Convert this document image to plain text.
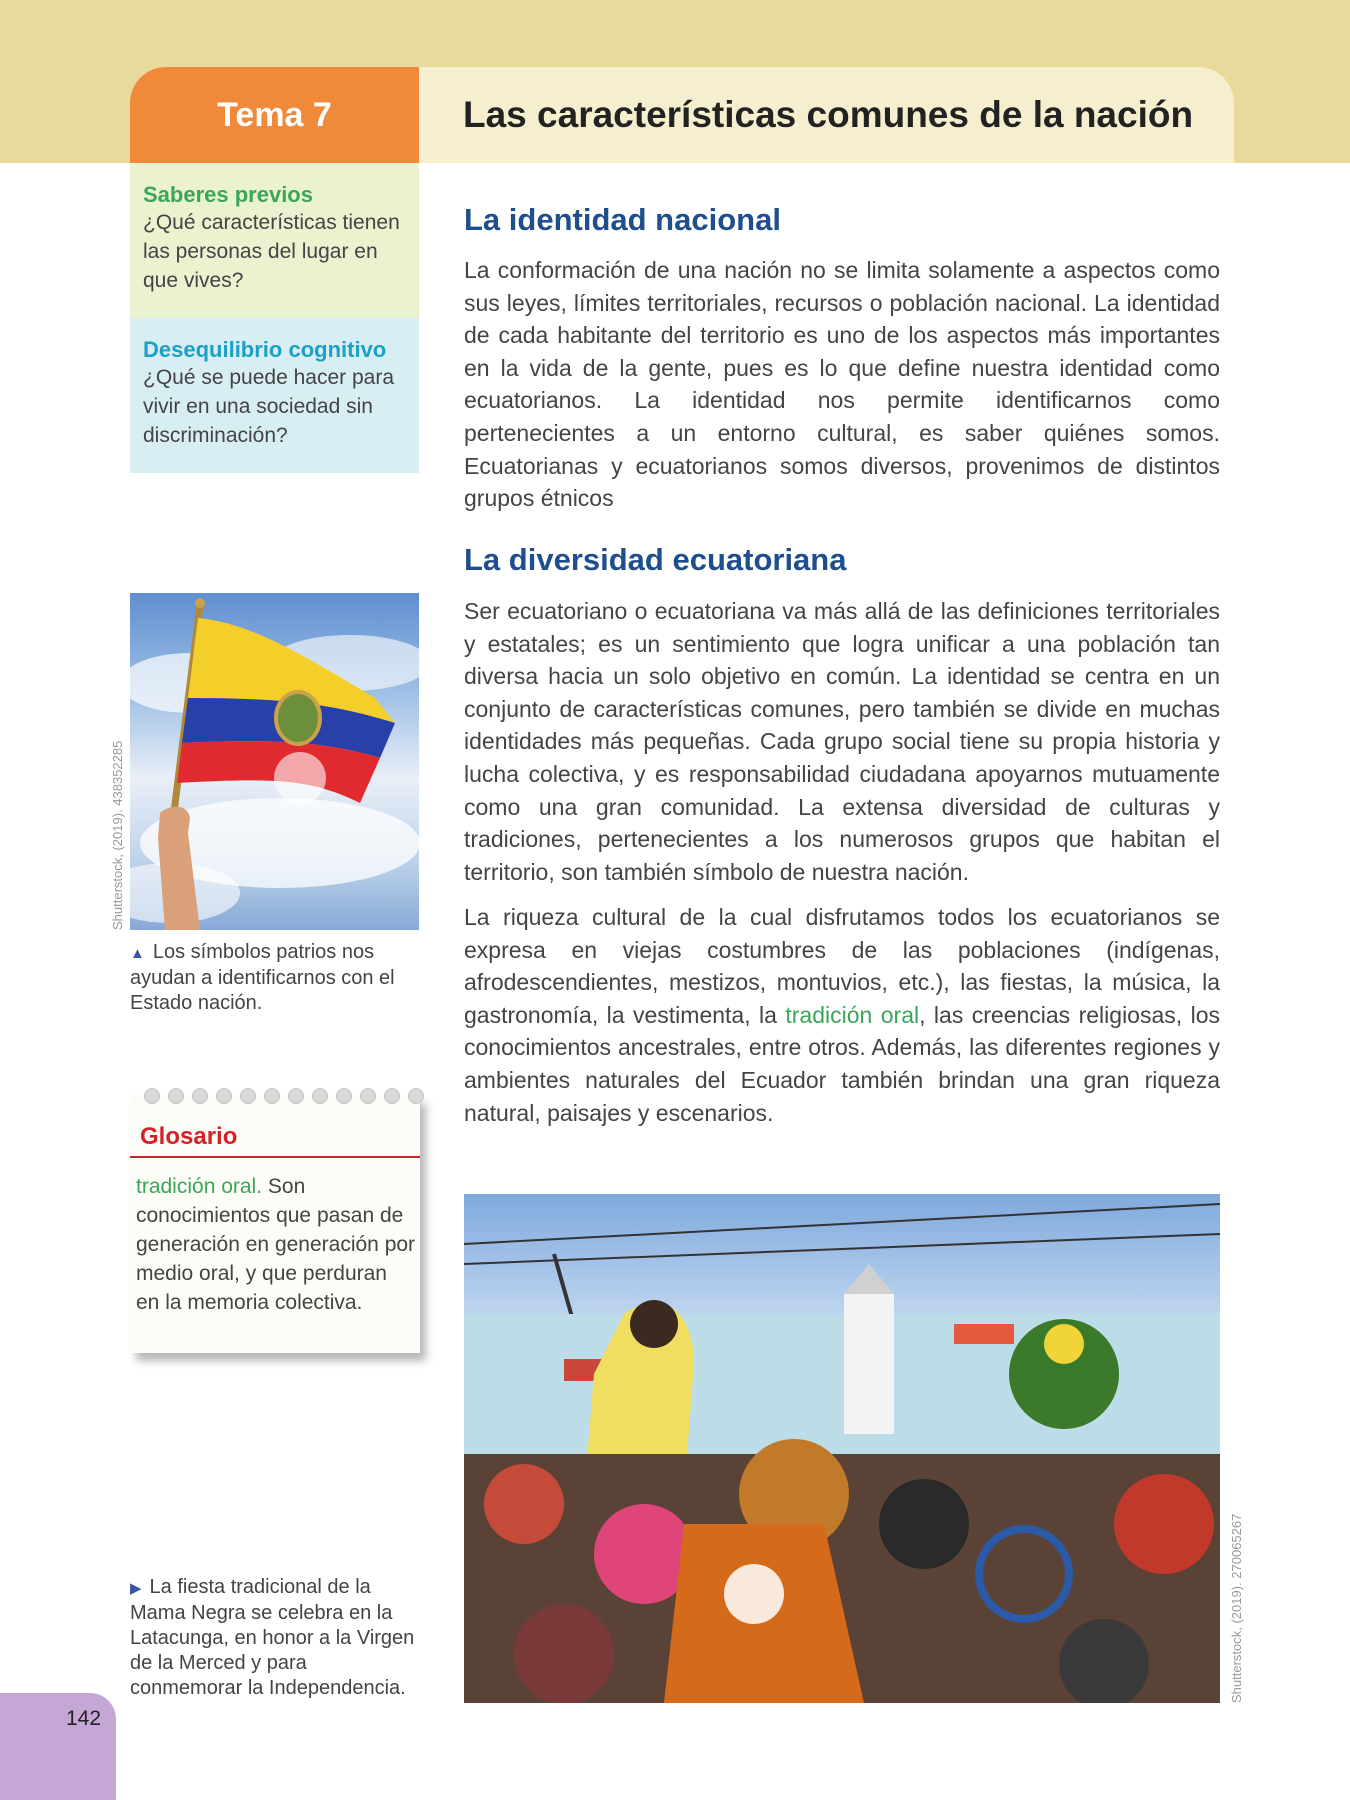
Tema 7	Las características comunes de la nación
Saberes previos
¿Qué características tienen las personas del lugar en que vives?
Desequilibrio cognitivo
¿Qué se puede hacer para vivir en una sociedad sin discriminación?
Shutterstock, (2019). 438352285
▲ Los símbolos patrios nos ayudan a identificarnos con el Estado nación.
Glosario
tradición oral. Son conocimientos que pasan de generación en generación por medio oral, y que perduran en la memoria colectiva.
▶ La fiesta tradicional de la Mama Negra se celebra en la Latacunga, en honor a la Virgen de la Merced y para conmemorar la Independencia.
La identidad nacional
La conformación de una nación no se limita solamente a aspectos como sus leyes, límites territoriales, recursos o población nacional. La identidad de cada habitante del territorio es uno de los aspectos más importantes en la vida de la gente, pues es lo que define nuestra identidad como ecuatorianos. La identidad nos permite identificarnos como pertenecientes a un entorno cultural, es saber quiénes somos. Ecuatorianas y ecuatorianos somos diversos, provenimos de distintos grupos étnicos
La diversidad ecuatoriana
Ser ecuatoriano o ecuatoriana va más allá de las definiciones territoriales y estatales; es un sentimiento que logra unificar a una población tan diversa hacia un solo objetivo en común. La identidad se centra en un conjunto de características comunes, pero también se divide en muchas identidades más pequeñas. Cada grupo social tiene su propia historia y lucha colectiva, y es responsabilidad ciudadana apoyarnos mutuamente como una gran comunidad. La extensa diversidad de culturas y tradiciones, pertenecientes a los numerosos grupos que habitan el territorio, son también símbolo de nuestra nación.
La riqueza cultural de la cual disfrutamos todos los ecuatorianos se expresa en viejas costumbres de las poblaciones (indígenas, afrodescendientes, mestizos, montuvios, etc.), las fiestas, la música, la gastronomía, la vestimenta, la tradición oral, las creencias religiosas, los conocimientos ancestrales, entre otros. Además, las diferentes regiones y ambientes naturales del Ecuador también brindan una gran riqueza natural, paisajes y escenarios.
Shutterstock, (2019). 270065267
142
